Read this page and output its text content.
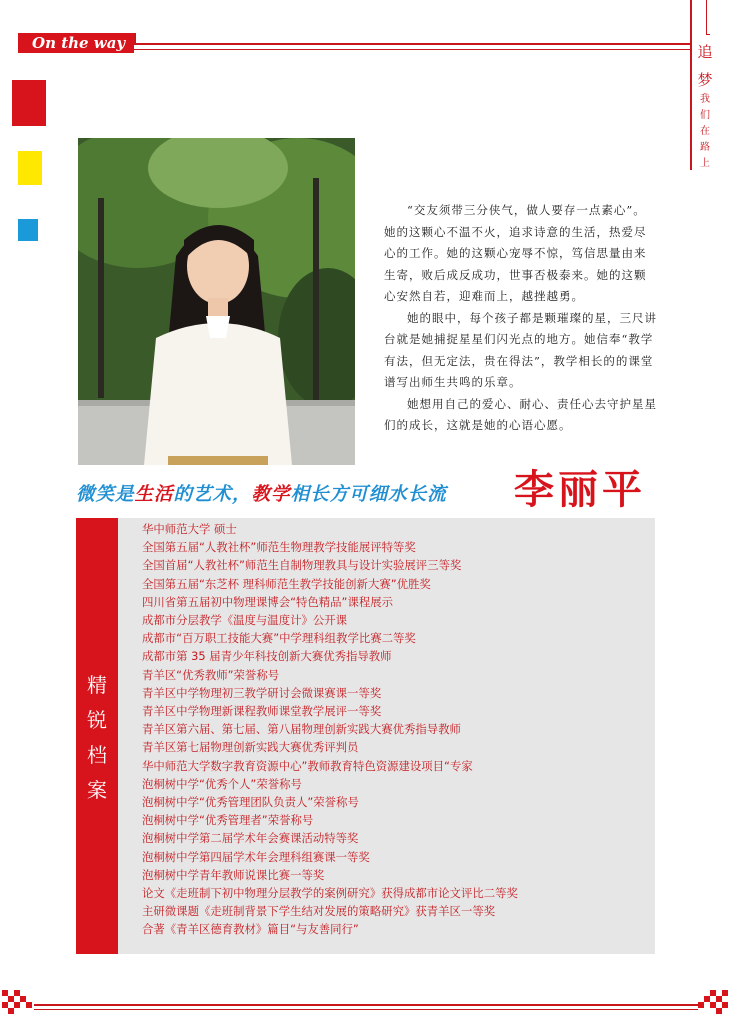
On the way	追
梦
我
们
在
路
上

“交友须带三分侠气，做人要存一点素心”。她的这颗心不温不火，追求诗意的生活，热爱尽心的工作。她的这颗心宠辱不惊，笃信思量由来生寄，败后成反成功，世事否极泰来。她的这颗心安然自若，迎难而上，越挫越勇。

她的眼中，每个孩子都是颗璀璨的星，三尺讲台就是她捕捉星星们闪光点的地方。她信奉“教学有法，但无定法，贵在得法”，教学相长的的课堂谱写出师生共鸣的乐章。

她想用自己的爱心、耐心、责任心去守护星星们的成长，这就是她的心语心愿。

微笑是生活的艺术，教学相长方可细水长流	李丽平
精
锐
档
案
华中师范大学 硕士
全国第五届“人教社杯”师范生物理教学技能展评特等奖
全国首届“人教社杯”师范生自制物理教具与设计实验展评三等奖
全国第五届“东芝杯 理科师范生教学技能创新大赛”优胜奖
四川省第五届初中物理课博会“特色精品”课程展示
成都市分层教学《温度与温度计》公开课
成都市“百万职工技能大赛”中学理科组教学比赛二等奖
成都市第 35 届青少年科技创新大赛优秀指导教师
青羊区“优秀教师”荣誉称号
青羊区中学物理初三教学研讨会微课赛课一等奖
青羊区中学物理新课程教师课堂教学展评一等奖
青羊区第六届、第七届、第八届物理创新实践大赛优秀指导教师
青羊区第七届物理创新实践大赛优秀评判员
华中师范大学数字教育资源中心”教师教育特色资源建设项目“专家
泡桐树中学“优秀个人”荣誉称号
泡桐树中学“优秀管理团队负责人”荣誉称号
泡桐树中学“优秀管理者”荣誉称号
泡桐树中学第二届学术年会赛课活动特等奖
泡桐树中学第四届学术年会理科组赛课一等奖
泡桐树中学青年教师说课比赛一等奖
论文《走班制下初中物理分层教学的案例研究》获得成都市论文评比二等奖
主研微课题《走班制背景下学生结对发展的策略研究》获青羊区一等奖
合著《青羊区德育教材》篇目“与友善同行”
